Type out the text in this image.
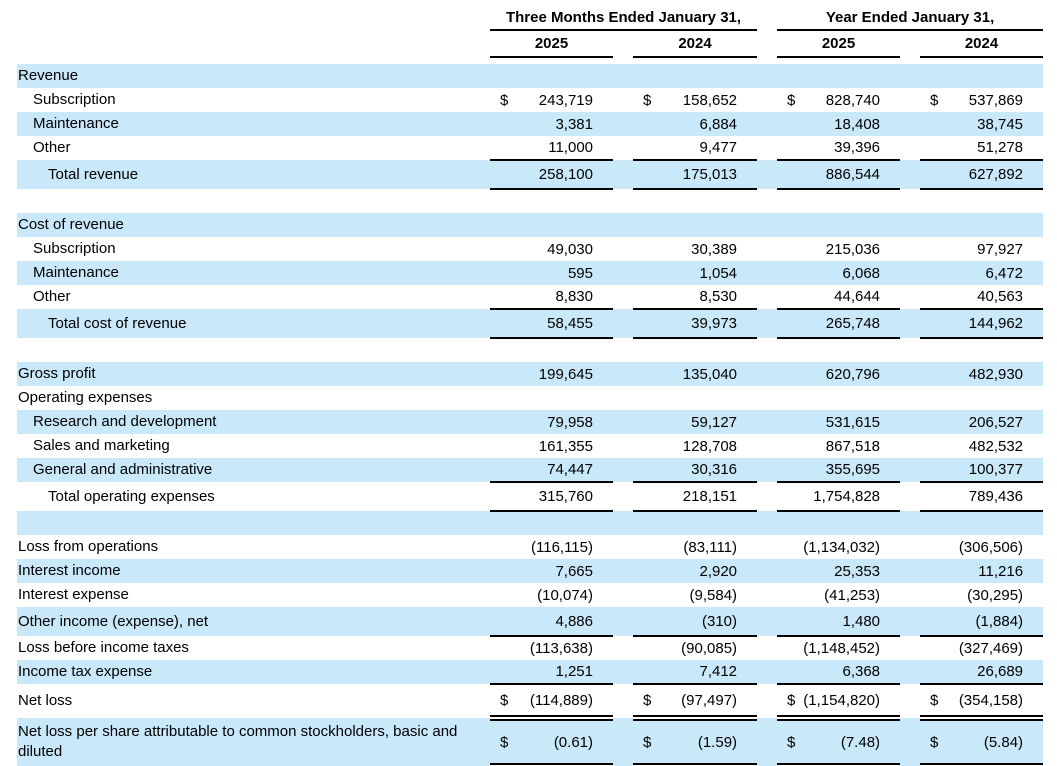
	Three Months Ended January 31,				Year Ended January 31,		
	2025		2024		2025		2024

Revenue							
Subscription	$ 243,719		$ 158,652		$ 828,740		$ 537,869

Maintenance	3,381		6,884		18,408		38,745

Other	11,000		9,477		39,396		51,278

Total revenue	258,100		175,013		886,544		627,892

Cost of revenue							
Subscription	49,030		30,389		215,036		97,927

Maintenance	595		1,054		6,068		6,472

Other	8,830		8,530		44,644		40,563

Total cost of revenue	58,455		39,973		265,748		144,962

Gross profit	199,645		135,040		620,796		482,930

Operating expenses							
Research and development	79,958		59,127		531,615		206,527

Sales and marketing	161,355		128,708		867,518		482,532

General and administrative	74,447		30,316		355,695		100,377

Total operating expenses	315,760		218,151		1,754,828		789,436

Loss from operations	(116,115)		(83,111)		(1,134,032)		(306,506)

Interest income	7,665		2,920		25,353		11,216

Interest expense	(10,074)		(9,584)		(41,253)		(30,295)

Other income (expense), net	4,886		(310)		1,480		(1,884)

Loss before income taxes	(113,638)		(90,085)		(1,148,452)		(327,469)

Income tax expense	1,251		7,412		6,368		26,689

Net loss	$ (114,889)		$ (97,497)		$ (1,154,820)		$ (354,158)

Net loss per share attributable to common stockholders, basic and diluted	$ (0.61)		$ (1.59)		$ (7.48)		$ (5.84)
